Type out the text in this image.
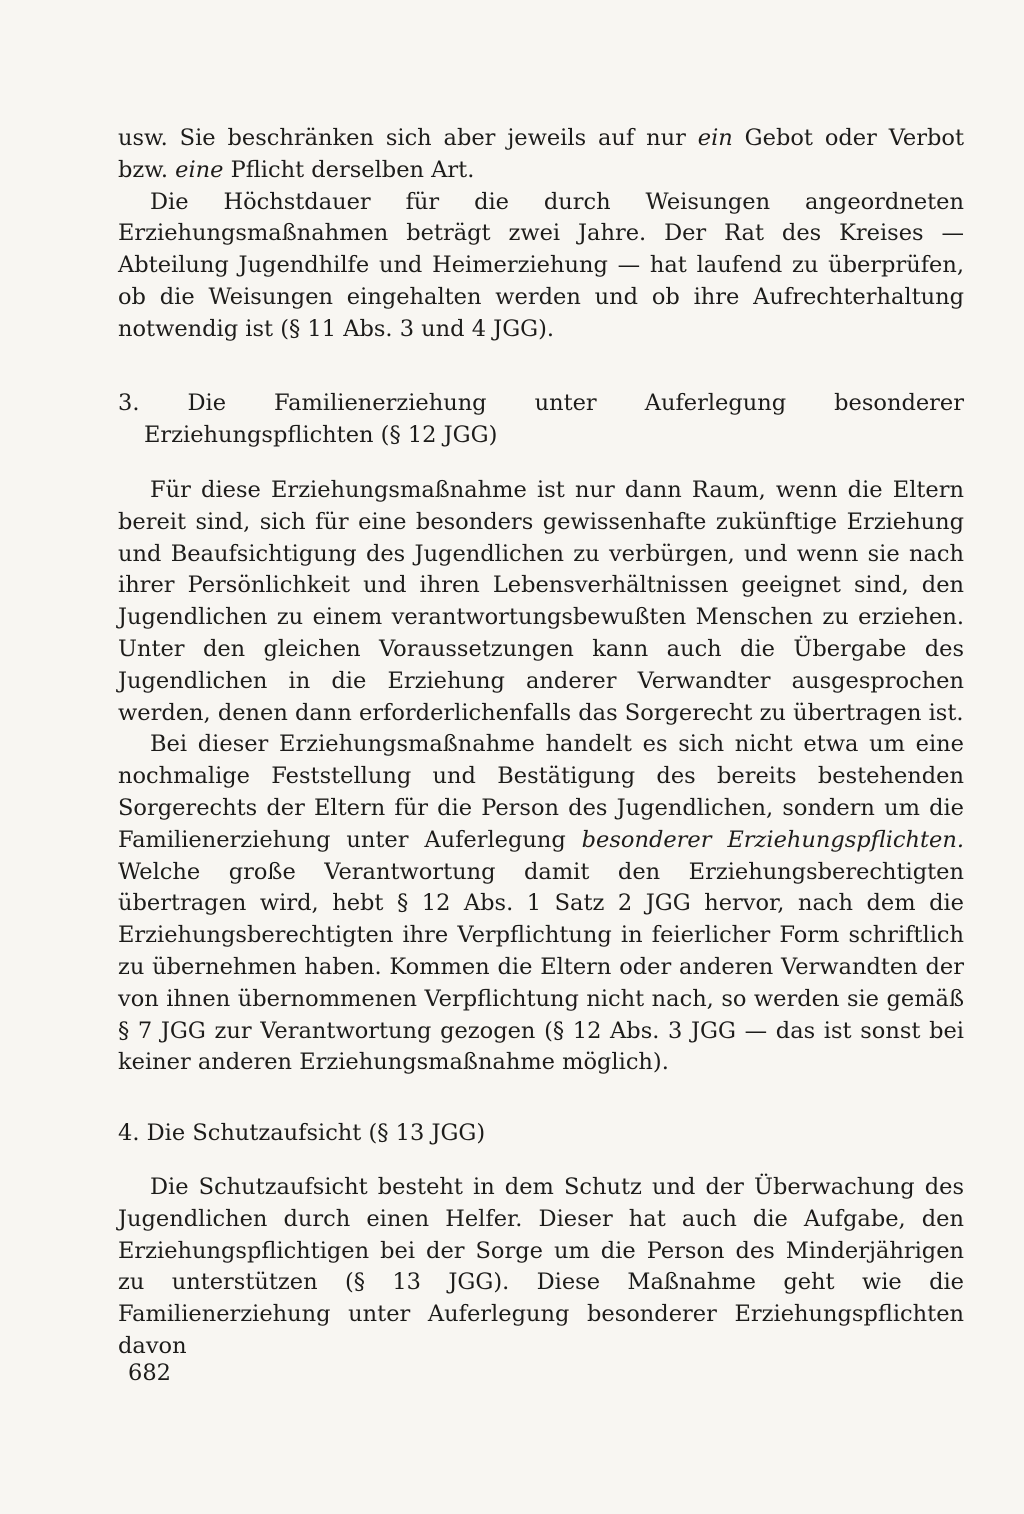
usw. Sie beschränken sich aber jeweils auf nur ein Gebot oder Verbot bzw. eine Pflicht derselben Art.

Die Höchstdauer für die durch Weisungen angeordneten Erziehungsmaßnahmen beträgt zwei Jahre. Der Rat des Kreises — Abteilung Jugendhilfe und Heimerziehung — hat laufend zu überprüfen, ob die Weisungen eingehalten werden und ob ihre Aufrechterhaltung notwendig ist (§ 11 Abs. 3 und 4 JGG).

3. Die Familienerziehung unter Auferlegung besonderer Erziehungspflichten (§ 12 JGG)

Für diese Erziehungsmaßnahme ist nur dann Raum, wenn die Eltern bereit sind, sich für eine besonders gewissenhafte zukünftige Erziehung und Beaufsichtigung des Jugendlichen zu verbürgen, und wenn sie nach ihrer Persönlichkeit und ihren Lebensverhältnissen geeignet sind, den Jugendlichen zu einem verantwortungsbewußten Menschen zu erziehen. Unter den gleichen Voraussetzungen kann auch die Übergabe des Jugendlichen in die Erziehung anderer Verwandter ausgesprochen werden, denen dann erforderlichenfalls das Sorgerecht zu übertragen ist.

Bei dieser Erziehungsmaßnahme handelt es sich nicht etwa um eine nochmalige Feststellung und Bestätigung des bereits bestehenden Sorgerechts der Eltern für die Person des Jugendlichen, sondern um die Familienerziehung unter Auferlegung besonderer Erziehungspflichten. Welche große Verantwortung damit den Erziehungsberechtigten übertragen wird, hebt § 12 Abs. 1 Satz 2 JGG hervor, nach dem die Erziehungsberechtigten ihre Verpflichtung in feierlicher Form schriftlich zu übernehmen haben. Kommen die Eltern oder anderen Verwandten der von ihnen übernommenen Verpflichtung nicht nach, so werden sie gemäß § 7 JGG zur Verantwortung gezogen (§ 12 Abs. 3 JGG — das ist sonst bei keiner anderen Erziehungsmaßnahme möglich).

4. Die Schutzaufsicht (§ 13 JGG)

Die Schutzaufsicht besteht in dem Schutz und der Überwachung des Jugendlichen durch einen Helfer. Dieser hat auch die Aufgabe, den Erziehungspflichtigen bei der Sorge um die Person des Minderjährigen zu unterstützen (§ 13 JGG). Diese Maßnahme geht wie die Familienerziehung unter Auferlegung besonderer Erziehungspflichten davon

682
